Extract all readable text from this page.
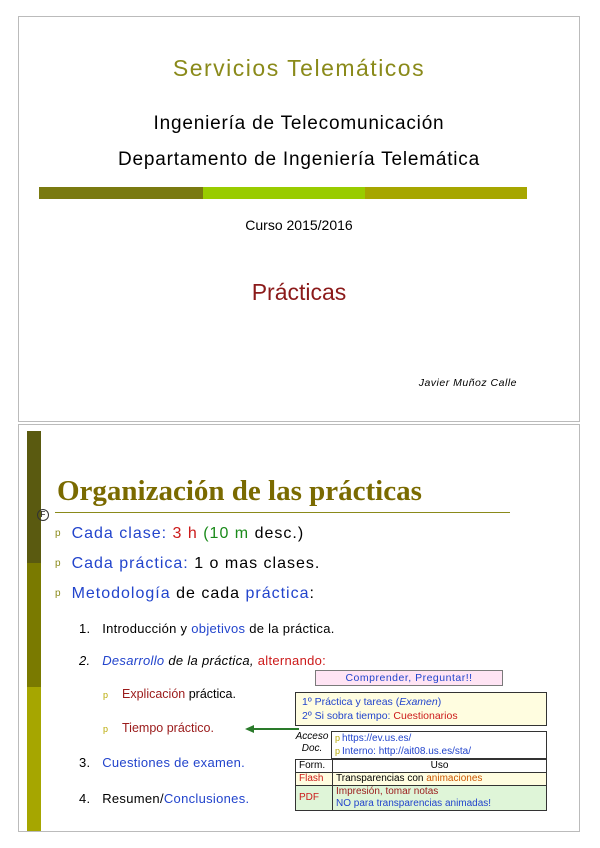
Servicios Telemáticos
Ingeniería de Telecomunicación
Departamento de Ingeniería Telemática
Curso 2015/2016
Prácticas
Javier Muñoz Calle
Organización de las prácticas
F
p Cada clase: 3 h (10 m desc.)
p Cada práctica: 1 o mas clases.
p Metodología de cada práctica:
1. Introducción y objetivos de la práctica.
2. Desarrollo de la práctica, alternando:
p Explicación práctica.
p Tiempo práctico.
3. Cuestiones de examen.
4. Resumen/Conclusiones.
Comprender, Preguntar!!
1º Práctica y tareas (Examen)
2º Si sobra tiempo: Cuestionarios
Acceso
Doc.
p https://ev.us.es/
p Interno: http://ait08.us.es/sta/
Form.	Uso
Flash	Transparencias con animaciones
PDF	Impresión, tomar notas
NO para transparencias animadas!
